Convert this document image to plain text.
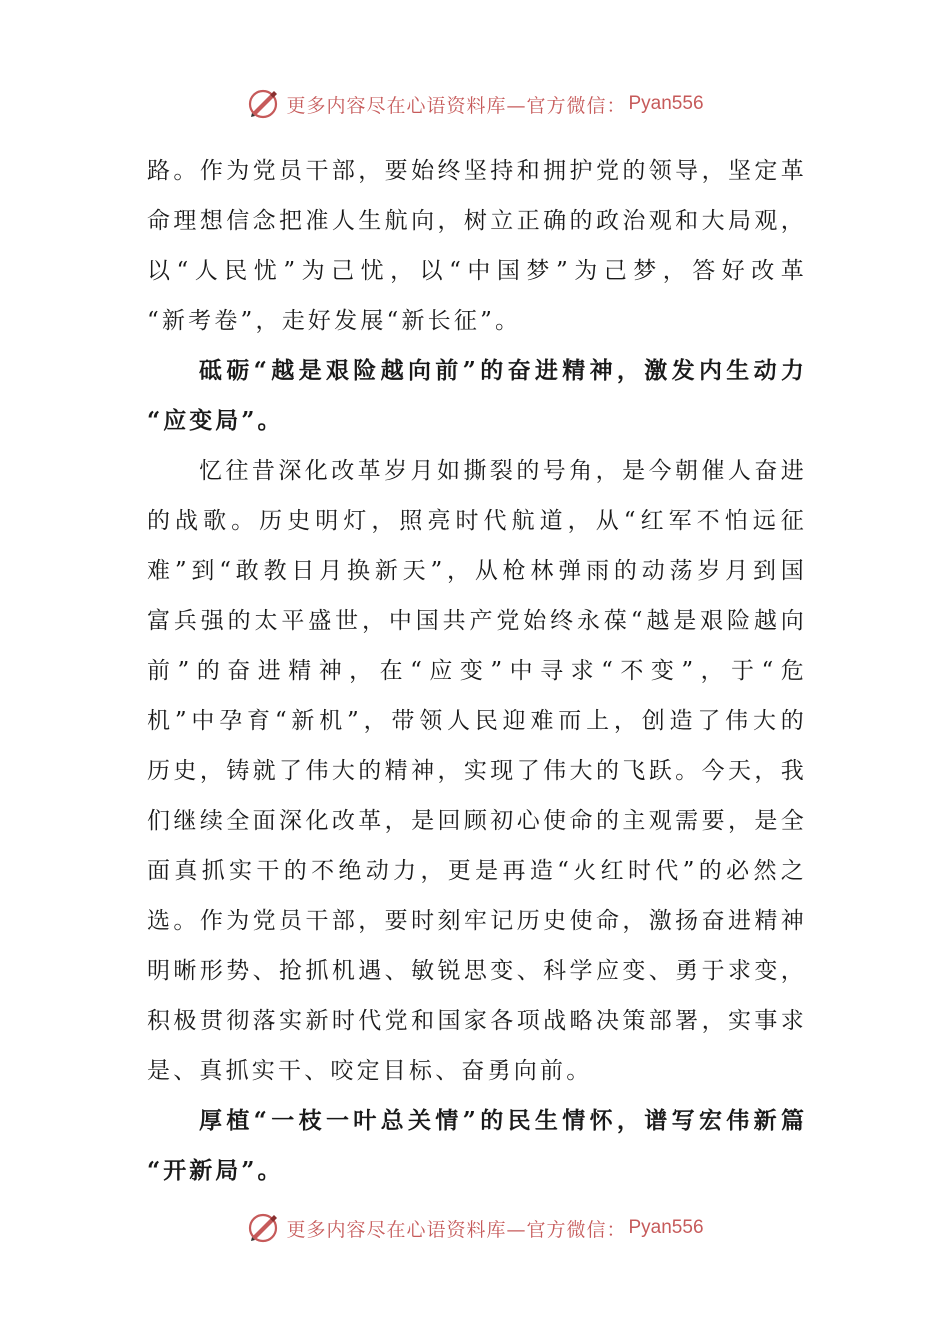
更多内容尽在心语资料库—官方微信： Pyan556

路。作为党员干部，要始终坚持和拥护党的领导，坚定革
命理想信念把准人生航向，树立正确的政治观和大局观，
以“人民忧”为己忧，以“中国梦”为己梦，答好改革
“新考卷”，走好发展“新长征”。

砥砺“越是艰险越向前”的奋进精神，激发内生动力
“应变局”。

忆往昔深化改革岁月如撕裂的号角，是今朝催人奋进
的战歌。历史明灯，照亮时代航道，从“红军不怕远征
难”到“敢教日月换新天”，从枪林弹雨的动荡岁月到国
富兵强的太平盛世，中国共产党始终永葆“越是艰险越向
前”的奋进精神，在“应变”中寻求“不变”，于“危
机”中孕育“新机”，带领人民迎难而上，创造了伟大的
历史，铸就了伟大的精神，实现了伟大的飞跃。今天，我
们继续全面深化改革，是回顾初心使命的主观需要，是全
面真抓实干的不绝动力，更是再造“火红时代”的必然之
选。作为党员干部，要时刻牢记历史使命，激扬奋进精神
明晰形势、抢抓机遇、敏锐思变、科学应变、勇于求变，
积极贯彻落实新时代党和国家各项战略决策部署，实事求
是、真抓实干、咬定目标、奋勇向前。

厚植“一枝一叶总关情”的民生情怀，谱写宏伟新篇
“开新局”。

更多内容尽在心语资料库—官方微信： Pyan556
